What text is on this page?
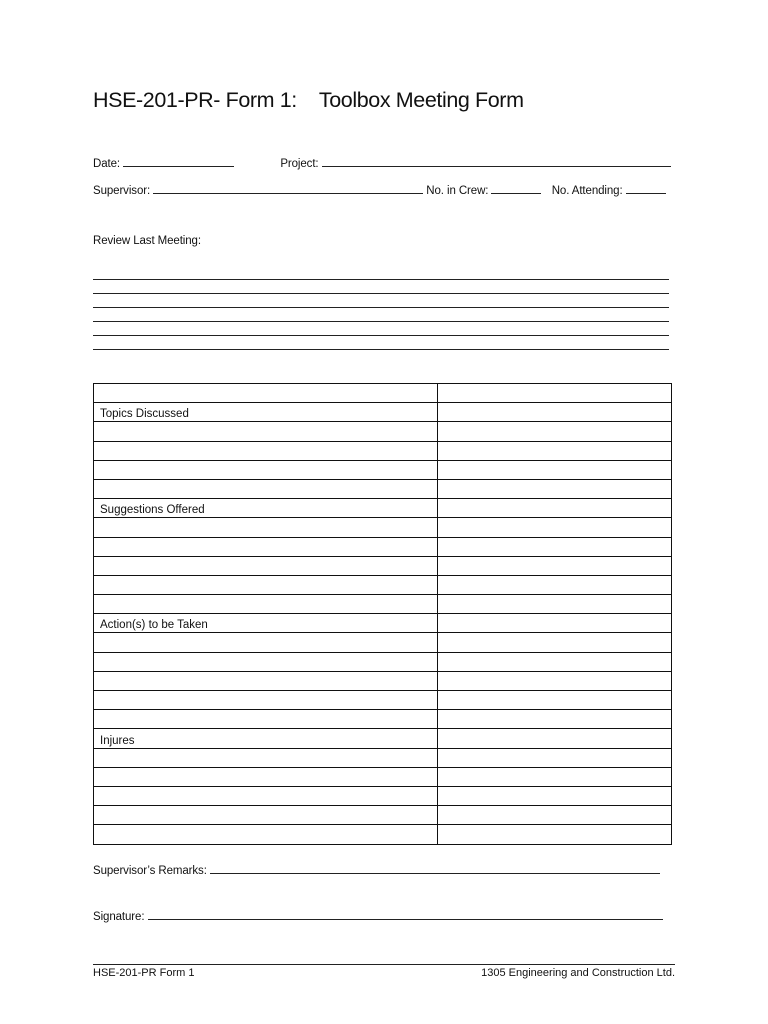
HSE-201-PR- Form 1: Toolbox Meeting Form
Date:	Project:
Supervisor:	No. in Crew:	No. Attending:
Review Last Meeting:

Topics Discussed	

Suggestions Offered	

Action(s) to be Taken	

Injures	

Supervisor’s Remarks:
Signature:
HSE-201-PR Form 1	1305 Engineering and Construction Ltd.
